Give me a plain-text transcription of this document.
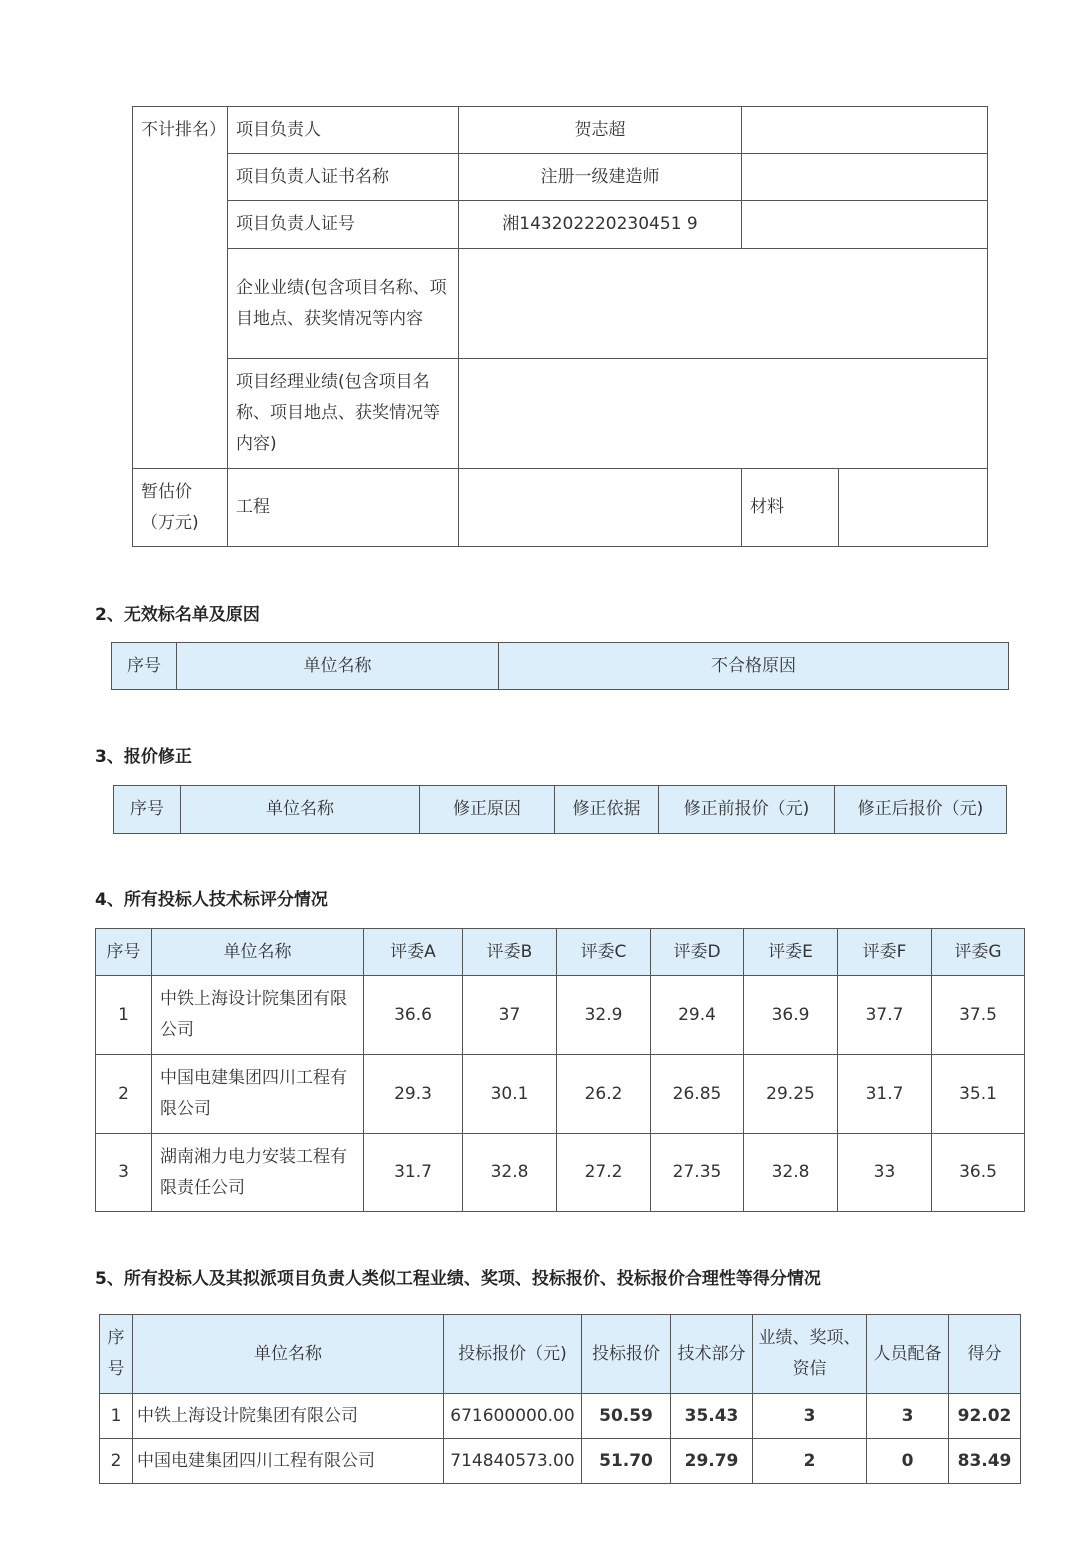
不计排名）	项目负责人	贺志超		
	项目负责人证书名称	注册一级建造师		
	项目负责人证号	湘143202220230451 9		
	企业业绩(包含项目名称、项目地点、获奖情况等内容			
	项目经理业绩(包含项目名称、项目地点、获奖情况等内容)			
暂估价（万元)	工程		材料	
2、无效标名单及原因
序号	单位名称	不合格原因
3、报价修正
序号	单位名称	修正原因	修正依据	修正前报价（元)	修正后报价（元)
4、所有投标人技术标评分情况
序号	单位名称	评委A	评委B	评委C	评委D	评委E	评委F	评委G
1	中铁上海设计院集团有限公司	36.6	37	32.9	29.4	36.9	37.7	37.5
2	中国电建集团四川工程有限公司	29.3	30.1	26.2	26.85	29.25	31.7	35.1
3	湖南湘力电力安装工程有限责任公司	31.7	32.8	27.2	27.35	32.8	33	36.5
5、所有投标人及其拟派项目负责人类似工程业绩、奖项、投标报价、投标报价合理性等得分情况
序号	单位名称	投标报价（元)	投标报价	技术部分	业绩、奖项、资信	人员配备	得分
1	中铁上海设计院集团有限公司	671600000.00	50.59	35.43	3	3	92.02
2	中国电建集团四川工程有限公司	714840573.00	51.70	29.79	2	0	83.49
